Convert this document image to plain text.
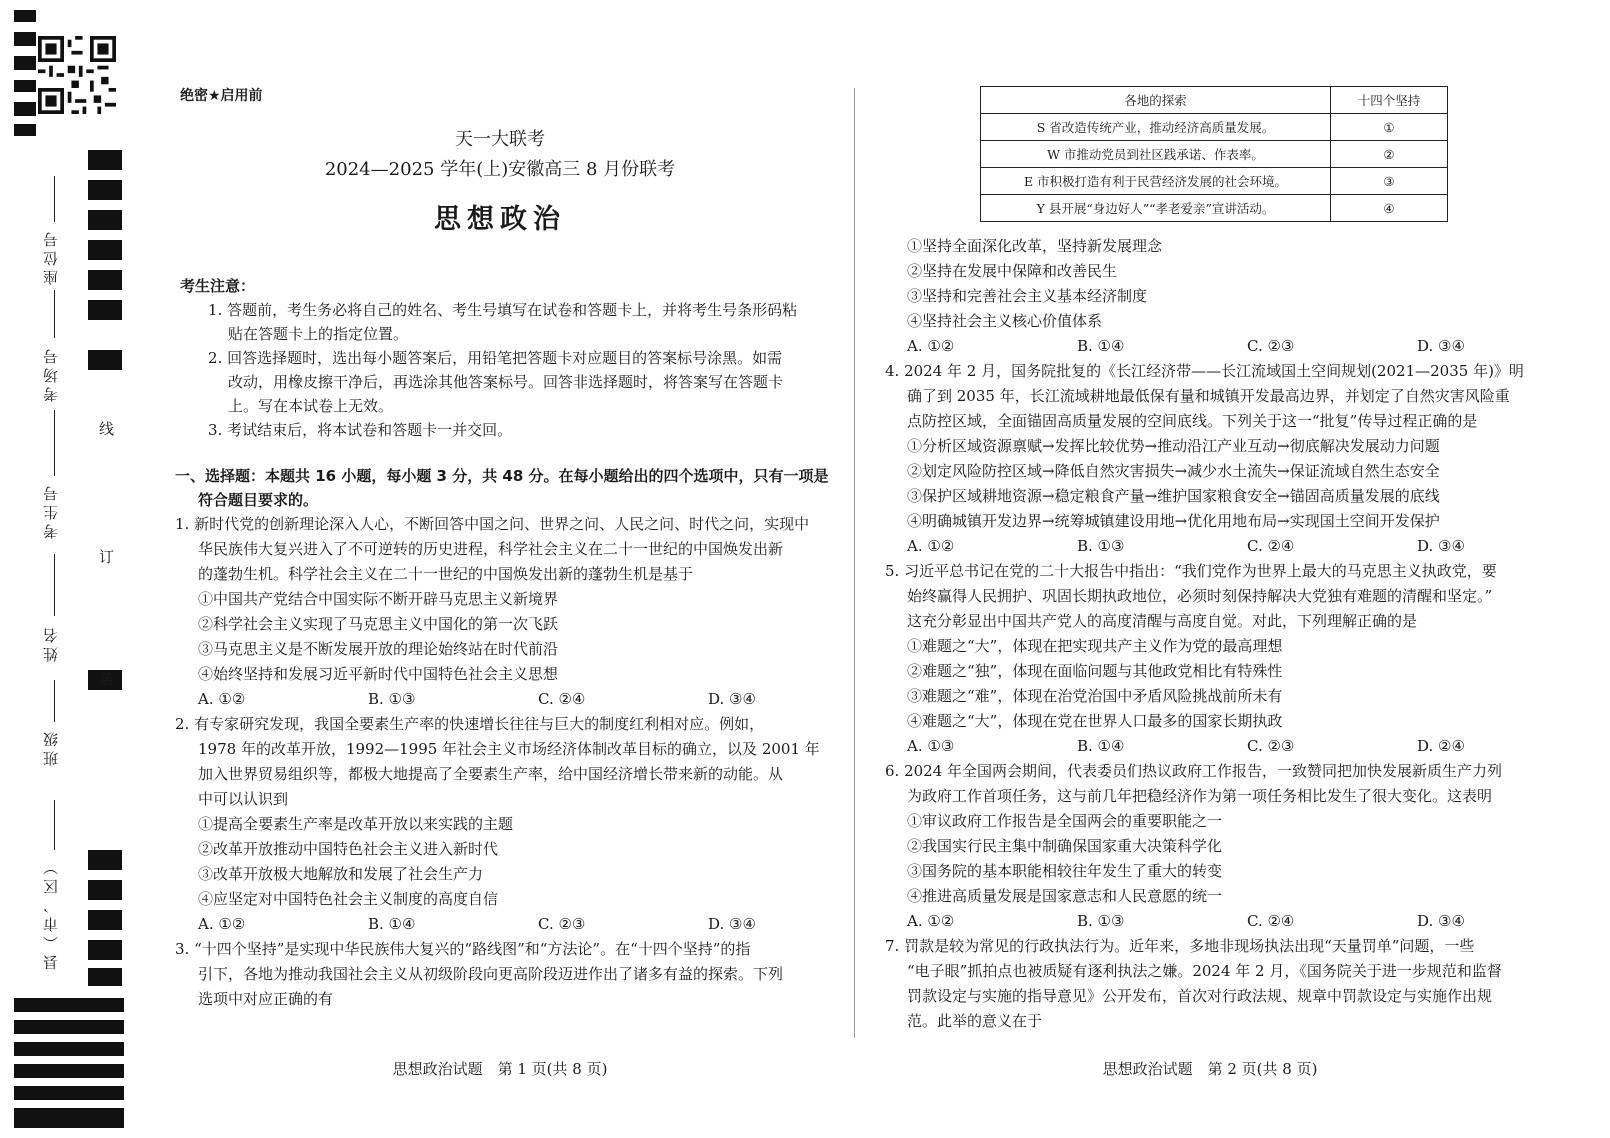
座位号
考场号
考生号
姓名
班级
县（市、区）
线
订
装
绝密★启用前
天一大联考
2024—2025 学年(上)安徽高三 8 月份联考
思想政治
考生注意：
1. 答题前，考生务必将自己的姓名、考生号填写在试卷和答题卡上，并将考生号条形码粘
贴在答题卡上的指定位置。
2. 回答选择题时，选出每小题答案后，用铅笔把答题卡对应题目的答案标号涂黑。如需
改动，用橡皮擦干净后，再选涂其他答案标号。回答非选择题时，将答案写在答题卡
上。写在本试卷上无效。
3. 考试结束后，将本试卷和答题卡一并交回。
一、选择题：本题共 16 小题，每小题 3 分，共 48 分。在每小题给出的四个选项中，只有一项是
符合题目要求的。
1. 新时代党的创新理论深入人心，不断回答中国之问、世界之问、人民之问、时代之问，实现中
华民族伟大复兴进入了不可逆转的历史进程，科学社会主义在二十一世纪的中国焕发出新
的蓬勃生机。科学社会主义在二十一世纪的中国焕发出新的蓬勃生机是基于
①中国共产党结合中国实际不断开辟马克思主义新境界
②科学社会主义实现了马克思主义中国化的第一次飞跃
③马克思主义是不断发展开放的理论始终站在时代前沿
④始终坚持和发展习近平新时代中国特色社会主义思想
A. ①②	B. ①③	C. ②④	D. ③④
2. 有专家研究发现，我国全要素生产率的快速增长往往与巨大的制度红利相对应。例如，
1978 年的改革开放，1992—1995 年社会主义市场经济体制改革目标的确立，以及 2001 年
加入世界贸易组织等，都极大地提高了全要素生产率，给中国经济增长带来新的动能。从
中可以认识到
①提高全要素生产率是改革开放以来实践的主题
②改革开放推动中国特色社会主义进入新时代
③改革开放极大地解放和发展了社会生产力
④应坚定对中国特色社会主义制度的高度自信
A. ①②	B. ①④	C. ②③	D. ③④
3. “十四个坚持”是实现中华民族伟大复兴的“路线图”和“方法论”。在“十四个坚持”的指
引下，各地为推动我国社会主义从初级阶段向更高阶段迈进作出了诸多有益的探索。下列
选项中对应正确的有
思想政治试题　第 1 页(共 8 页)
各地的探索	十四个坚持
S 省改造传统产业，推动经济高质量发展。	①
W 市推动党员到社区践承诺、作表率。	②
E 市积极打造有利于民营经济发展的社会环境。	③
Y 县开展“身边好人”“孝老爱亲”宣讲活动。	④
①坚持全面深化改革，坚持新发展理念
②坚持在发展中保障和改善民生
③坚持和完善社会主义基本经济制度
④坚持社会主义核心价值体系
A. ①②	B. ①④	C. ②③	D. ③④
4. 2024 年 2 月，国务院批复的《长江经济带——长江流域国土空间规划(2021—2035 年)》明
确了到 2035 年，长江流域耕地最低保有量和城镇开发最高边界，并划定了自然灾害风险重
点防控区域，全面锚固高质量发展的空间底线。下列关于这一“批复”传导过程正确的是
①分析区域资源禀赋→发挥比较优势→推动沿江产业互动→彻底解决发展动力问题
②划定风险防控区域→降低自然灾害损失→减少水土流失→保证流域自然生态安全
③保护区域耕地资源→稳定粮食产量→维护国家粮食安全→锚固高质量发展的底线
④明确城镇开发边界→统筹城镇建设用地→优化用地布局→实现国土空间开发保护
A. ①②	B. ①③	C. ②④	D. ③④
5. 习近平总书记在党的二十大报告中指出：“我们党作为世界上最大的马克思主义执政党，要
始终赢得人民拥护、巩固长期执政地位，必须时刻保持解决大党独有难题的清醒和坚定。”
这充分彰显出中国共产党人的高度清醒与高度自觉。对此，下列理解正确的是
①难题之“大”，体现在把实现共产主义作为党的最高理想
②难题之“独”，体现在面临问题与其他政党相比有特殊性
③难题之“难”，体现在治党治国中矛盾风险挑战前所未有
④难题之“大”，体现在党在世界人口最多的国家长期执政
A. ①③	B. ①④	C. ②③	D. ②④
6. 2024 年全国两会期间，代表委员们热议政府工作报告，一致赞同把加快发展新质生产力列
为政府工作首项任务，这与前几年把稳经济作为第一项任务相比发生了很大变化。这表明
①审议政府工作报告是全国两会的重要职能之一
②我国实行民主集中制确保国家重大决策科学化
③国务院的基本职能相较往年发生了重大的转变
④推进高质量发展是国家意志和人民意愿的统一
A. ①②	B. ①③	C. ②④	D. ③④
7. 罚款是较为常见的行政执法行为。近年来，多地非现场执法出现“天量罚单”问题，一些
“电子眼”抓拍点也被质疑有逐利执法之嫌。2024 年 2 月，《国务院关于进一步规范和监督
罚款设定与实施的指导意见》公开发布，首次对行政法规、规章中罚款设定与实施作出规
范。此举的意义在于
思想政治试题　第 2 页(共 8 页)
